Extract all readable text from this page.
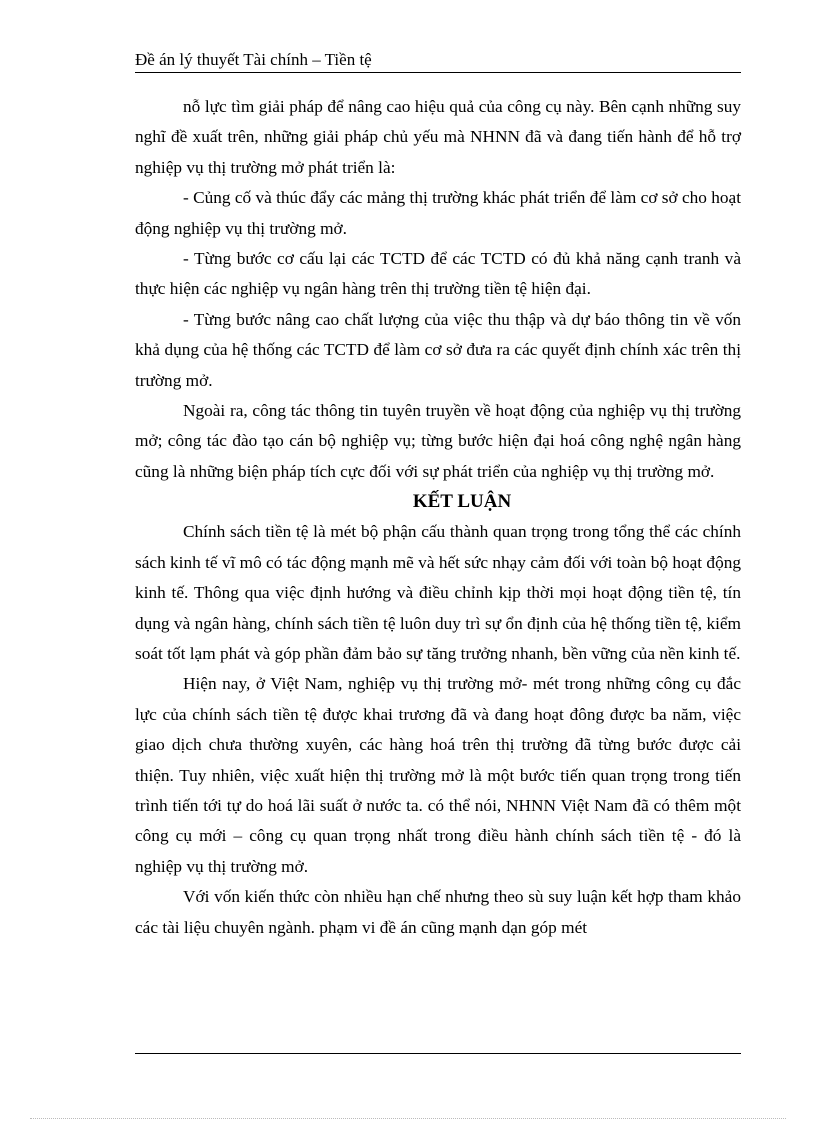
Đề án lý thuyết Tài chính – Tiền tệ

nỗ lực tìm giải pháp để nâng cao hiệu quả của công cụ này. Bên cạnh những suy nghĩ đề xuất trên, những giải pháp chủ yếu mà NHNN đã và đang tiến hành để hỗ trợ nghiệp vụ thị trường mở phát triển là:

- Củng cố và thúc đẩy các mảng thị trường khác phát triển để làm cơ sở cho hoạt động nghiệp vụ thị trường mở.

- Từng bước cơ cấu lại các TCTD để các TCTD có đủ khả năng cạnh tranh và thực hiện các nghiệp vụ ngân hàng trên thị trường tiền tệ hiện đại.

- Từng bước nâng cao chất lượng của việc thu thập và dự báo thông tin về vốn khả dụng của hệ thống các TCTD để làm cơ sở đưa ra các quyết định chính xác trên thị trường mở.

Ngoài ra, công tác thông tin tuyên truyền về hoạt động của nghiệp vụ thị trường mở; công tác đào tạo cán bộ nghiệp vụ; từng bước hiện đại hoá công nghệ ngân hàng cũng là những biện pháp tích cực đối với sự phát triển của nghiệp vụ thị trường mở.

KẾT LUẬN

Chính sách tiền tệ là mét bộ phận cấu thành quan trọng trong tổng thể các chính sách kinh tế vĩ mô có tác động mạnh mẽ và hết sức nhạy cảm đối với toàn bộ hoạt động kinh tế. Thông qua việc định hướng và điều chỉnh kịp thời mọi hoạt động tiền tệ, tín dụng và ngân hàng, chính sách tiền tệ luôn duy trì sự ổn định của hệ thống tiền tệ, kiểm soát tốt lạm phát và góp phần đảm bảo sự tăng trưởng nhanh, bền vững của nền kinh tế.

Hiện nay, ở Việt Nam, nghiệp vụ thị trường mở- mét trong những công cụ đắc lực của chính sách tiền tệ được khai trương đã và đang hoạt đông được ba năm, việc giao dịch chưa thường xuyên, các hàng hoá trên thị trường đã từng bước được cải thiện. Tuy nhiên, việc xuất hiện thị trường mở là một bước tiến quan trọng trong tiến trình tiến tới tự do hoá lãi suất ở nước ta. có thể nói, NHNN Việt Nam đã có thêm một công cụ mới – công cụ quan trọng nhất trong điều hành chính sách tiền tệ - đó là nghiệp vụ thị trường mở.

Với vốn kiến thức còn nhiều hạn chế nhưng theo sù suy luận kết hợp tham khảo các tài liệu chuyên ngành. phạm vi đề án cũng mạnh dạn góp mét
